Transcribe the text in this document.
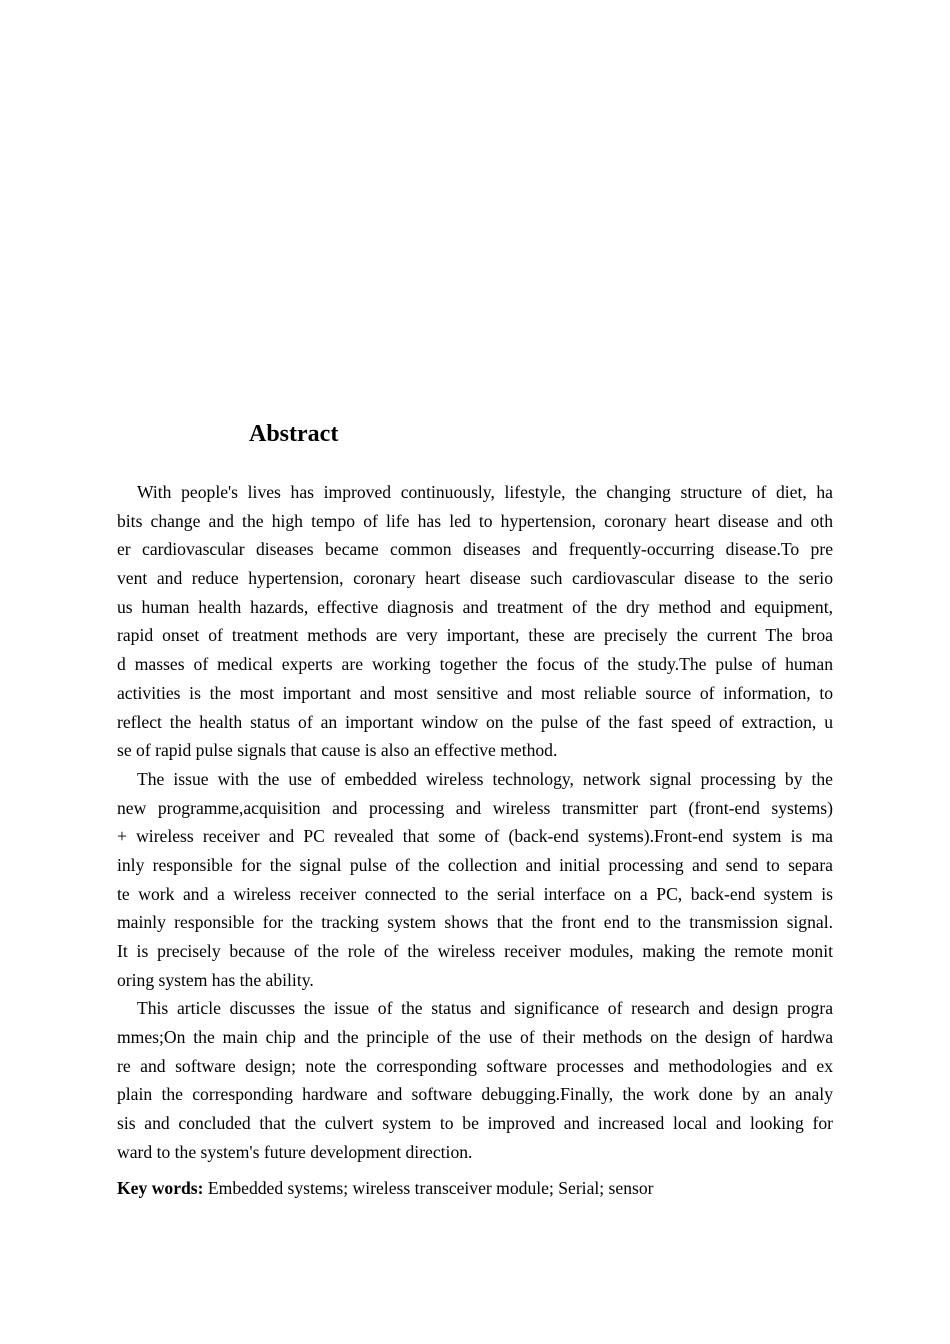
Abstract
With people's lives has improved continuously, lifestyle, the changing structure of diet, ha
bits change and the high tempo of life has led to hypertension, coronary heart disease and oth
er cardiovascular diseases became common diseases and frequently-occurring disease.To pre
vent and reduce hypertension, coronary heart disease such cardiovascular disease to the serio
us human health hazards, effective diagnosis and treatment of the dry method and equipment,
rapid onset of treatment methods are very important, these are precisely the current The broa
d masses of medical experts are working together the focus of the study.The pulse of human
activities is the most important and most sensitive and most reliable source of information, to
reflect the health status of an important window on the pulse of the fast speed of extraction, u
se of rapid pulse signals that cause is also an effective method.
The issue with the use of embedded wireless technology, network signal processing by the
new programme,acquisition and processing and wireless transmitter part (front-end systems)
+ wireless receiver and PC revealed that some of (back-end systems).Front-end system is ma
inly responsible for the signal pulse of the collection and initial processing and send to separa
te work and a wireless receiver connected to the serial interface on a PC, back-end system is
mainly responsible for the tracking system shows that the front end to the transmission signal.
It is precisely because of the role of the wireless receiver modules, making the remote monit
oring system has the ability.
This article discusses the issue of the status and significance of research and design progra
mmes;On the main chip and the principle of the use of their methods on the design of hardwa
re and software design; note the corresponding software processes and methodologies and ex
plain the corresponding hardware and software debugging.Finally, the work done by an analy
sis and concluded that the culvert system to be improved and increased local and looking for
ward to the system's future development direction.
Key words: Embedded systems; wireless transceiver module; Serial; sensor
